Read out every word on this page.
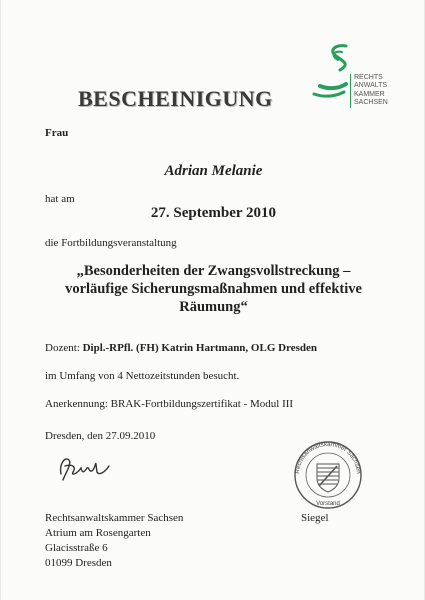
BESCHEINIGUNG
RECHTS
ANWALTS
KAMMER
SACHSEN
Frau
Adrian Melanie
hat am
27. September 2010
die Fortbildungsveranstaltung
„Besonderheiten der Zwangsvollstreckung –
vorläufige Sicherungsmaßnahmen und effektive
Räumung“
Dozent: Dipl.-RPfl. (FH) Katrin Hartmann, OLG Dresden
im Umfang von 4 Nettozeitstunden besucht.
Anerkennung: BRAK-Fortbildungszertifikat - Modul III
Dresden, den 27.09.2010
Rechtsanwaltskammer Sachsen
Vorstand
Siegel
Rechtsanwaltskammer Sachsen
Atrium am Rosengarten
Glacisstraße 6
01099 Dresden
